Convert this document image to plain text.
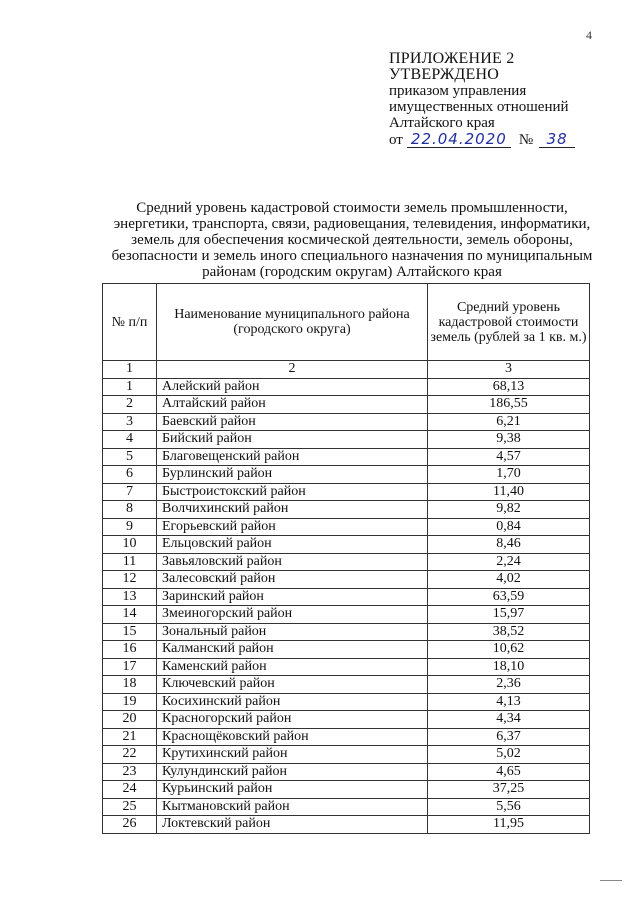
4
ПРИЛОЖЕНИЕ 2
УТВЕРЖДЕНО
приказом управления
имущественных отношений
Алтайского края
от 22.04.2020 № 38
Средний уровень кадастровой стоимости земель промышленности,
энергетики, транспорта, связи, радиовещания, телевидения, информатики,
земель для обеспечения космической деятельности, земель обороны,
безопасности и земель иного специального назначения по муниципальным
районам (городским округам) Алтайского края
№ п/п	Наименование муниципального района (городского округа)	Средний уровень кадастровой стоимости земель (рублей за 1 кв. м.)
1	2	3
1	Алейский район	68,13
2	Алтайский район	186,55
3	Баевский район	6,21
4	Бийский район	9,38
5	Благовещенский район	4,57
6	Бурлинский район	1,70
7	Быстроистокский район	11,40
8	Волчихинский район	9,82
9	Егорьевский район	0,84
10	Ельцовский район	8,46
11	Завьяловский район	2,24
12	Залесовский район	4,02
13	Заринский район	63,59
14	Змеиногорский район	15,97
15	Зональный район	38,52
16	Калманский район	10,62
17	Каменский район	18,10
18	Ключевский район	2,36
19	Косихинский район	4,13
20	Красногорский район	4,34
21	Краснощёковский район	6,37
22	Крутихинский район	5,02
23	Кулундинский район	4,65
24	Курьинский район	37,25
25	Кытмановский район	5,56
26	Локтевский район	11,95
